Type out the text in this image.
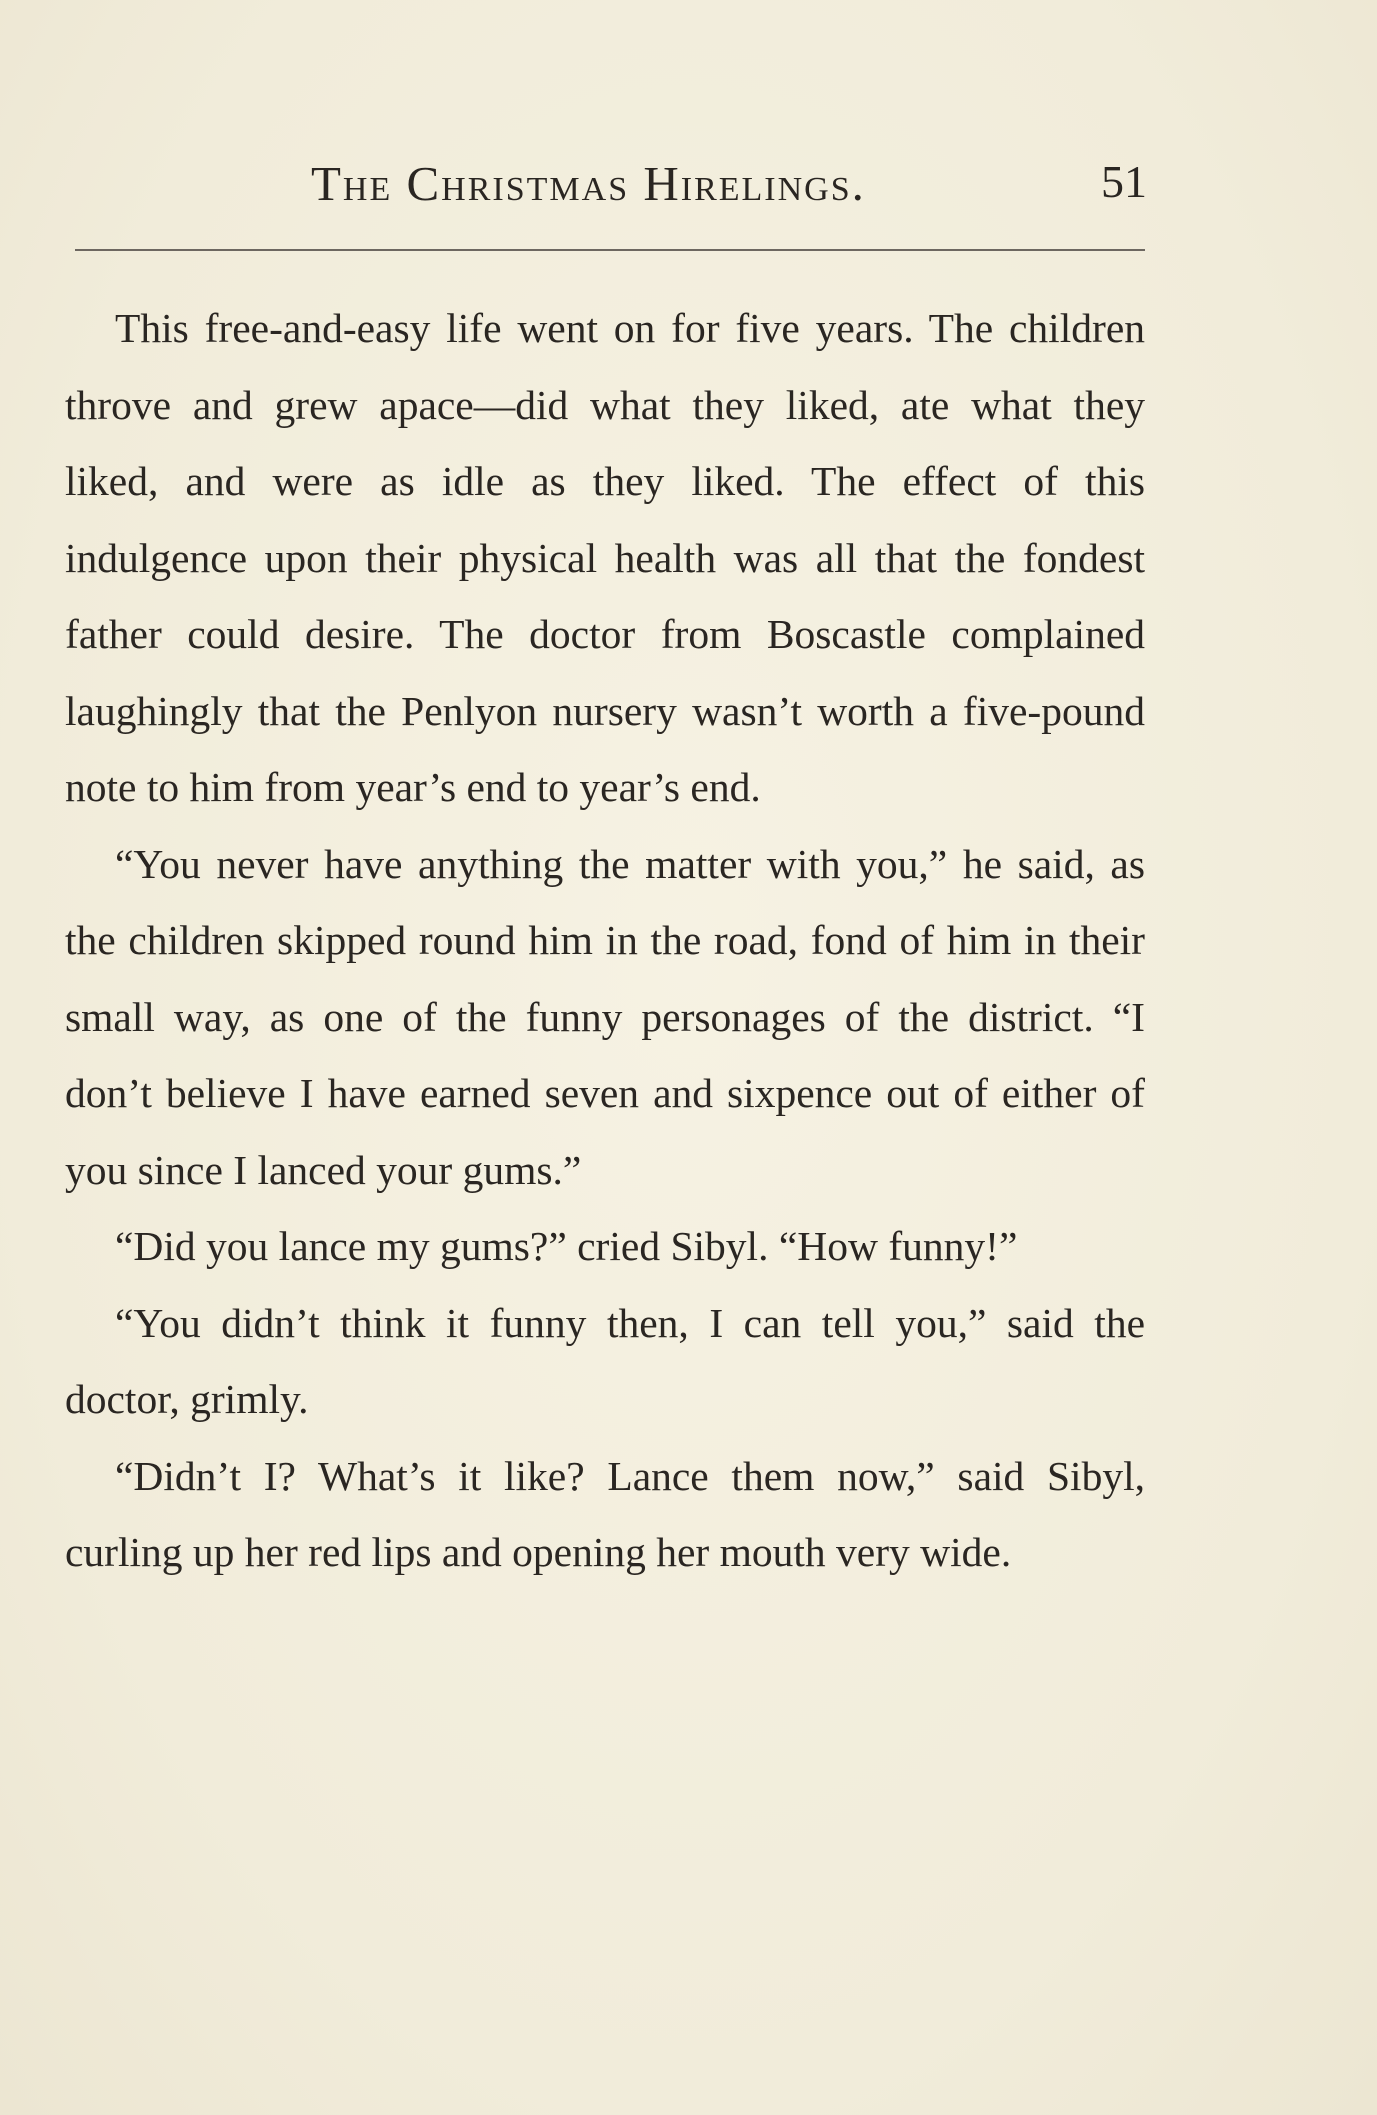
The Christmas Hirelings.	51

This free-and-easy life went on for five years. The children throve and grew apace—did what they liked, ate what they liked, and were as idle as they liked. The effect of this indulgence upon their physical health was all that the fondest father could desire. The doctor from Boscastle complained laughingly that the Penlyon nursery wasn’t worth a five-pound note to him from year’s end to year’s end.

“You never have anything the matter with you,” he said, as the children skipped round him in the road, fond of him in their small way, as one of the funny personages of the district. “I don’t believe I have earned seven and sixpence out of either of you since I lanced your gums.”

“Did you lance my gums?” cried Sibyl. “How funny!”

“You didn’t think it funny then, I can tell you,” said the doctor, grimly.

“Didn’t I? What’s it like? Lance them now,” said Sibyl, curling up her red lips and opening her mouth very wide.
